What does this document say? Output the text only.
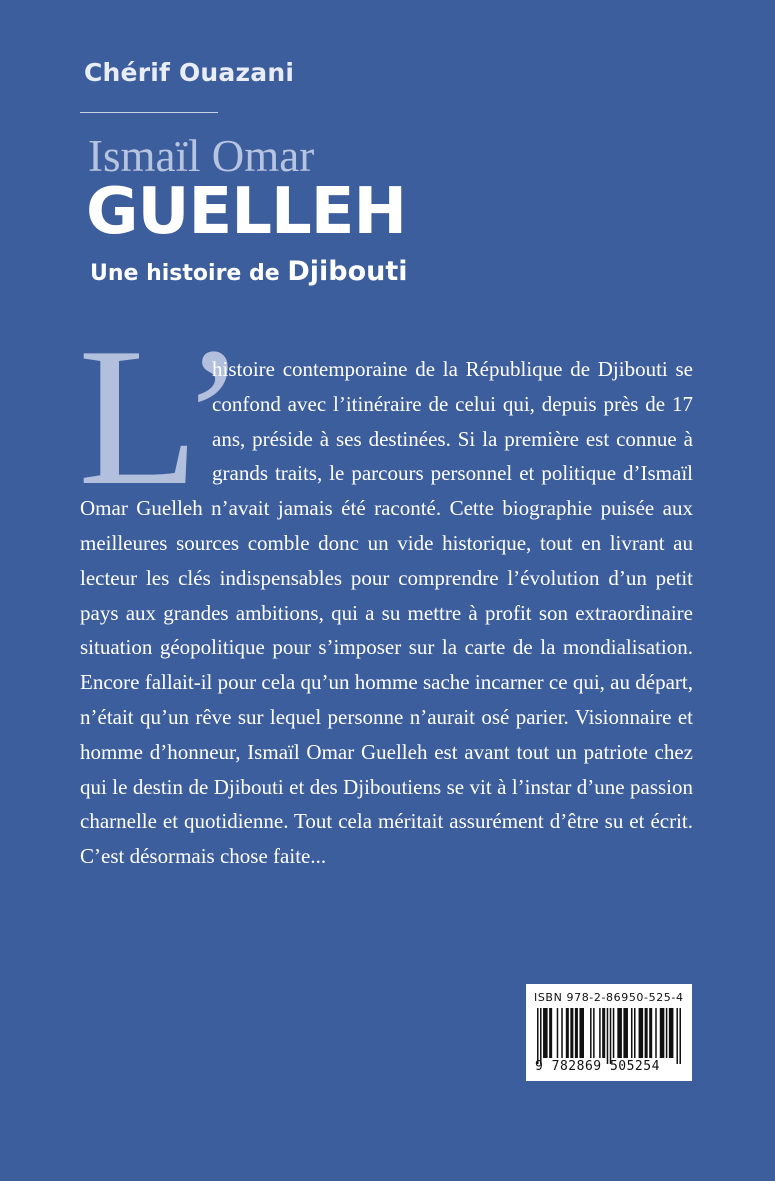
Chérif Ouazani
Ismaïl Omar
GUELLEH
Une histoire de Djibouti
L’
histoire contemporaine de la République de Djibouti se confond avec l’itinéraire de celui qui, depuis près de 17 ans, préside à ses destinées. Si la première est connue à grands traits, le parcours personnel et politique d’Ismaïl Omar Guelleh n’avait jamais été raconté. Cette biographie puisée aux meilleures sources comble donc un vide historique, tout en livrant au lecteur les clés indispensables pour comprendre l’évolution d’un petit pays aux grandes ambitions, qui a su mettre à profit son extraordinaire situation géopolitique pour s’imposer sur la carte de la mondialisation. Encore fallait-il pour cela qu’un homme sache incarner ce qui, au départ, n’était qu’un rêve sur lequel personne n’aurait osé parier. Visionnaire et homme d’honneur, Ismaïl Omar Guelleh est avant tout un patriote chez qui le destin de Djibouti et des Djiboutiens se vit à l’instar d’une passion charnelle et quotidienne. Tout cela méritait assurément d’être su et écrit. C’est désormais chose faite...
ISBN 978-2-86950-525-4
9 782869 505254
